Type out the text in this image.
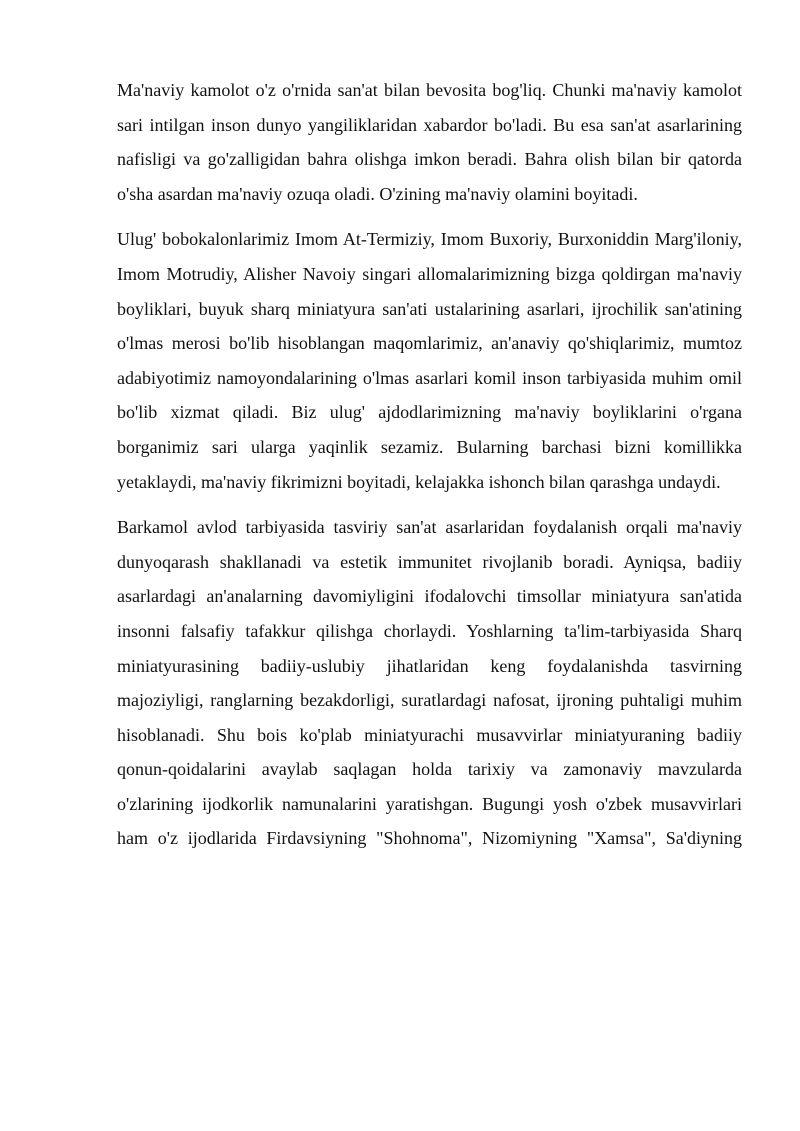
Ma'naviy kamolot o'z o'rnida san'at bilan bevosita bog'liq. Chunki ma'naviy kamolot sari intilgan inson dunyo yangiliklaridan xabardor bo'ladi. Bu esa san'at asarlarining nafisligi va go'zalligidan bahra olishga imkon beradi. Bahra olish bilan bir qatorda o'sha asardan ma'naviy ozuqa oladi. O'zining ma'naviy olamini boyitadi.

Ulug' bobokalonlarimiz Imom At-Termiziy, Imom Buxoriy, Burxoniddin Marg'iloniy, Imom Motrudiy, Alisher Navoiy singari allomalarimizning bizga qoldirgan ma'naviy boyliklari, buyuk sharq miniatyura san'ati ustalarining asarlari, ijrochilik san'atining o'lmas merosi bo'lib hisoblangan maqomlarimiz, an'anaviy qo'shiqlarimiz, mumtoz adabiyotimiz namoyondalarining o'lmas asarlari komil inson tarbiyasida muhim omil bo'lib xizmat qiladi. Biz ulug' ajdodlarimizning ma'naviy boyliklarini o'rgana borganimiz sari ularga yaqinlik sezamiz. Bularning barchasi bizni komillikka yetaklaydi, ma'naviy fikrimizni boyitadi, kelajakka ishonch bilan qarashga undaydi.

Barkamol avlod tarbiyasida tasviriy san'at asarlaridan foydalanish orqali ma'naviy dunyoqarash shakllanadi va estetik immunitet rivojlanib boradi. Ayniqsa, badiiy asarlardagi an'analarning davomiyligini ifodalovchi timsollar miniatyura san'atida insonni falsafiy tafakkur qilishga chorlaydi. Yoshlarning ta'lim-tarbiyasida Sharq miniatyurasining badiiy-uslubiy jihatlaridan keng foydalanishda tasvirning majoziyligi, ranglarning bezakdorligi, suratlardagi nafosat, ijroning puhtaligi muhim hisoblanadi. Shu bois ko'plab miniatyurachi musavvirlar miniatyuraning badiiy qonun-qoidalarini avaylab saqlagan holda tarixiy va zamonaviy mavzularda o'zlarining ijodkorlik namunalarini yaratishgan. Bugungi yosh o'zbek musavvirlari ham o'z ijodlarida Firdavsiyning "Shohnoma", Nizomiyning "Xamsa", Sa'diyning
